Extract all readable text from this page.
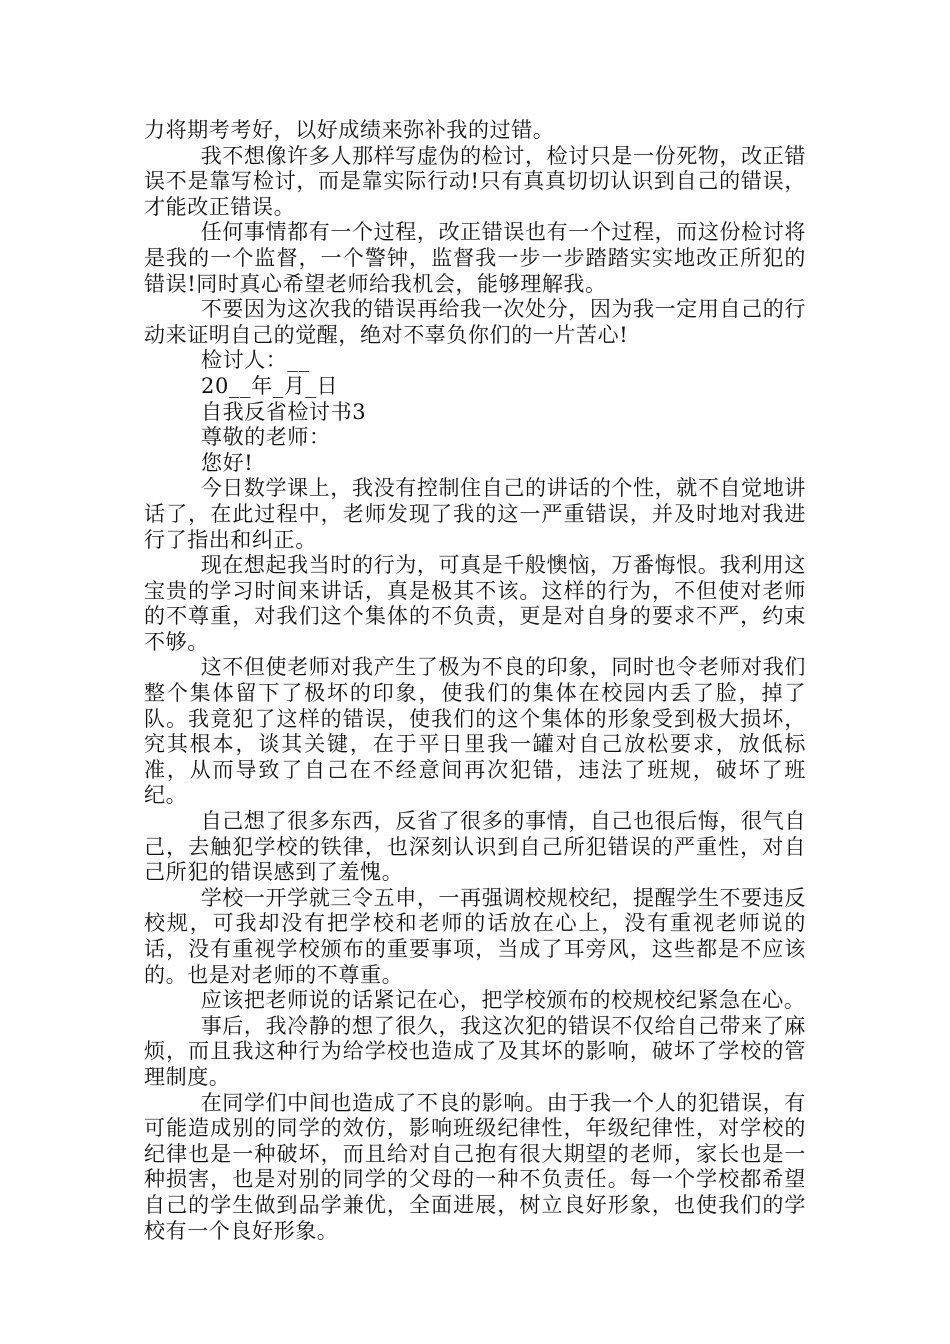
力将期考考好，以好成绩来弥补我的过错。

我不想像许多人那样写虚伪的检讨，检讨只是一份死物，改正错误不是靠写检讨，而是靠实际行动!只有真真切切认识到自己的错误，才能改正错误。

任何事情都有一个过程，改正错误也有一个过程，而这份检讨将是我的一个监督，一个警钟，监督我一步一步踏踏实实地改正所犯的错误!同时真心希望老师给我机会，能够理解我。

不要因为这次我的错误再给我一次处分，因为我一定用自己的行动来证明自己的觉醒，绝对不辜负你们的一片苦心!

检讨人：__

20__年_月_日

自我反省检讨书3

尊敬的老师：

您好!

今日数学课上，我没有控制住自己的讲话的个性，就不自觉地讲话了，在此过程中，老师发现了我的这一严重错误，并及时地对我进行了指出和纠正。

现在想起我当时的行为，可真是千般懊恼，万番悔恨。我利用这宝贵的学习时间来讲话，真是极其不该。这样的行为，不但使对老师的不尊重，对我们这个集体的不负责，更是对自身的要求不严，约束不够。

这不但使老师对我产生了极为不良的印象，同时也令老师对我们整个集体留下了极坏的印象，使我们的集体在校园内丢了脸，掉了队。我竟犯了这样的错误，使我们的这个集体的形象受到极大损坏，究其根本，谈其关键，在于平日里我一罐对自己放松要求，放低标准，从而导致了自己在不经意间再次犯错，违法了班规，破坏了班纪。

自己想了很多东西，反省了很多的事情，自己也很后悔，很气自己，去触犯学校的铁律，也深刻认识到自己所犯错误的严重性，对自己所犯的错误感到了羞愧。

学校一开学就三令五申，一再强调校规校纪，提醒学生不要违反校规，可我却没有把学校和老师的话放在心上，没有重视老师说的话，没有重视学校颁布的重要事项，当成了耳旁风，这些都是不应该的。也是对老师的不尊重。

应该把老师说的话紧记在心，把学校颁布的校规校纪紧急在心。

事后，我冷静的想了很久，我这次犯的错误不仅给自己带来了麻烦，而且我这种行为给学校也造成了及其坏的影响，破坏了学校的管理制度。

在同学们中间也造成了不良的影响。由于我一个人的犯错误，有可能造成别的同学的效仿，影响班级纪律性，年级纪律性，对学校的纪律也是一种破坏，而且给对自己抱有很大期望的老师，家长也是一种损害，也是对别的同学的父母的一种不负责任。每一个学校都希望自己的学生做到品学兼优，全面进展，树立良好形象，也使我们的学校有一个良好形象。
